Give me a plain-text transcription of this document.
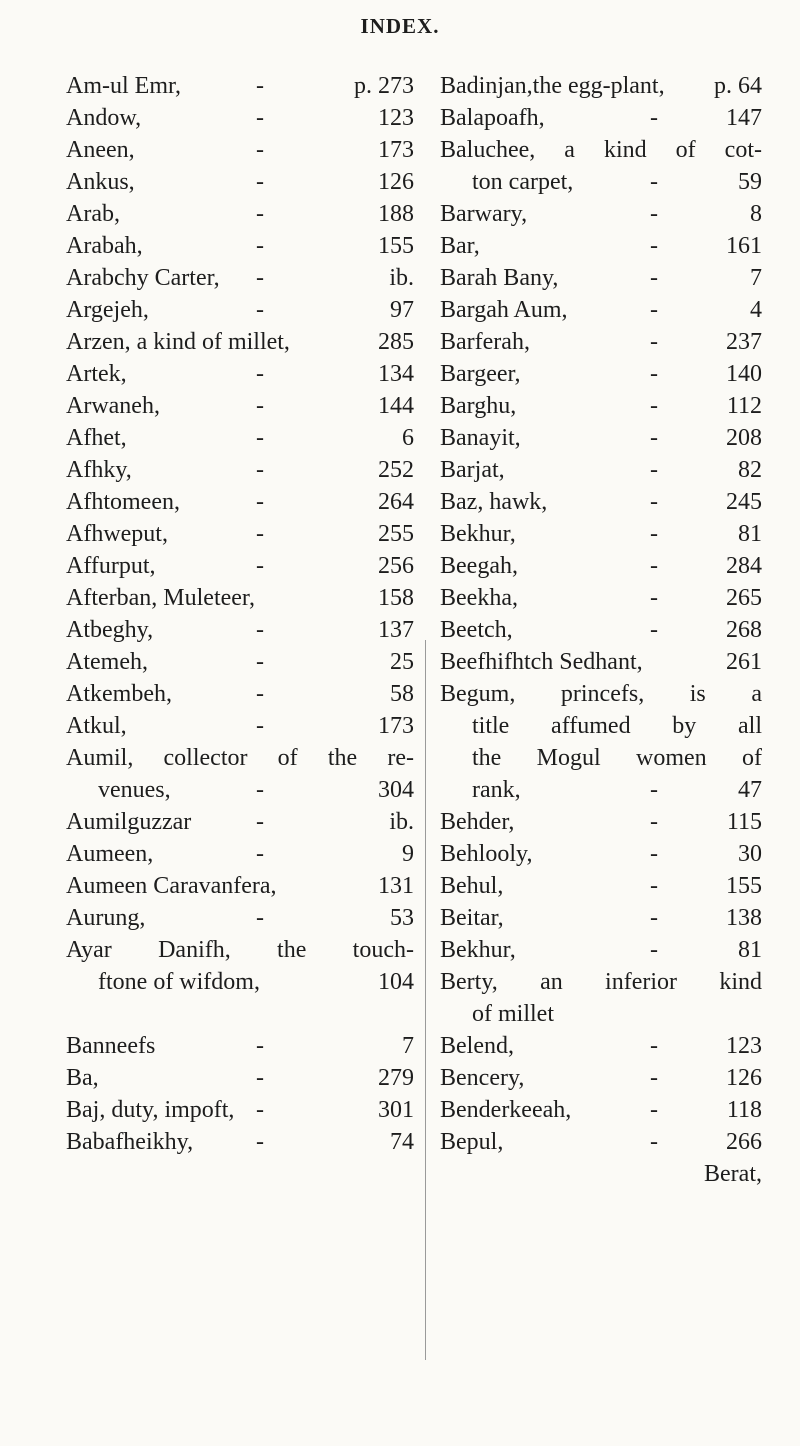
INDEX.
Am-ul Emr,	-	p. 273
Andow,	-	123
Aneen,	-	173
Ankus,	-	126
Arab,	-	188
Arabah,	-	155
Arabchy Carter, -	ib.
Argejeh,	-	97
Arzen, a kind of millet,	285
Artek,	-	134
Arwaneh,	-	144
Afhet,	-	6
Afhky,	-	252
Afhtomeen,	-	264
Afhweput,	-	255
Affurput,	-	256
Afterban, Muleteer,	158
Atbeghy,	-	137
Atemeh,	-	25
Atkembeh,	-	58
Atkul,	-	173
Aumil, collector of the re-
venues,	-	304
Aumilguzzar	-	ib.
Aumeen,	-	9
Aumeen Caravanfera,	131
Aurung,	-	53
Ayar Danifh, the touch-
ftone of wifdom,	104
Banneefs	-	7
Ba,	-	279
Baj, duty, impoft, -	301
Babafheikhy,	-	74
Badinjan,the egg-plant, p. 64
Balapoafh,	-	147
Baluchee, a kind of cot-
ton carpet,	-	59
Barwary,	-	8
Bar,	-	161
Barah Bany,	-	7
Bargah Aum,	-	4
Barferah,	-	237
Bargeer,	-	140
Barghu,	-	112
Banayit,	-	208
Barjat,	-	82
Baz, hawk,	-	245
Bekhur,	-	81
Beegah,	-	284
Beekha,	-	265
Beetch,	-	268
Beefhifhtch Sedhant,	261
Begum, princefs, is a
title affumed by all
the Mogul women of
rank,	-	47
Behder,	-	115
Behlooly,	-	30
Behul,	-	155
Beitar,	-	138
Bekhur,	-	81
Berty, an inferior kind
of millet
Belend,	-	123
Bencery,	-	126
Benderkeeah,	-	118
Bepul,	-	266
Berat,
